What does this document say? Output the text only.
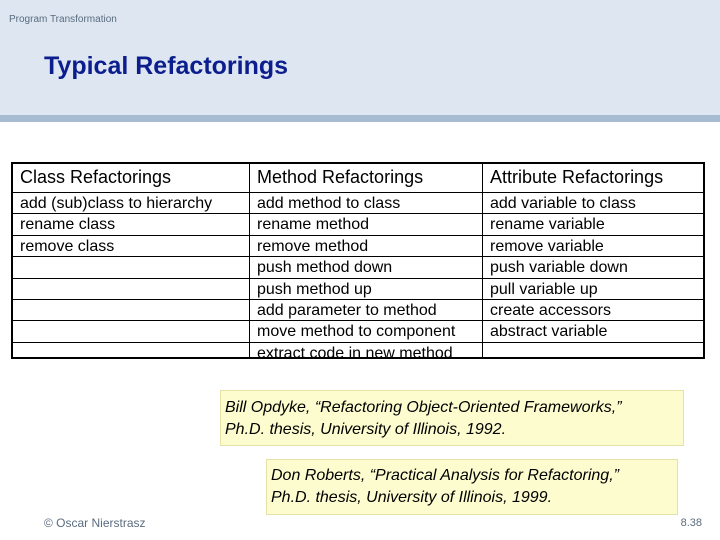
Program Transformation
Typical Refactorings
Class Refactorings
add (sub)class to hierarchy
rename class
remove class
Method Refactorings
add method to class
rename method
remove method
push method down
push method up
add parameter to method
move method to component
extract code in new method
Attribute Refactorings
add variable to class
rename variable
remove variable
push variable down
pull variable up
create accessors
abstract variable
Bill Opdyke, “Refactoring Object-Oriented Frameworks,”
Ph.D. thesis, University of Illinois, 1992.
Don Roberts, “Practical Analysis for Refactoring,”
Ph.D. thesis, University of Illinois, 1999.
© Oscar Nierstrasz	8.38
